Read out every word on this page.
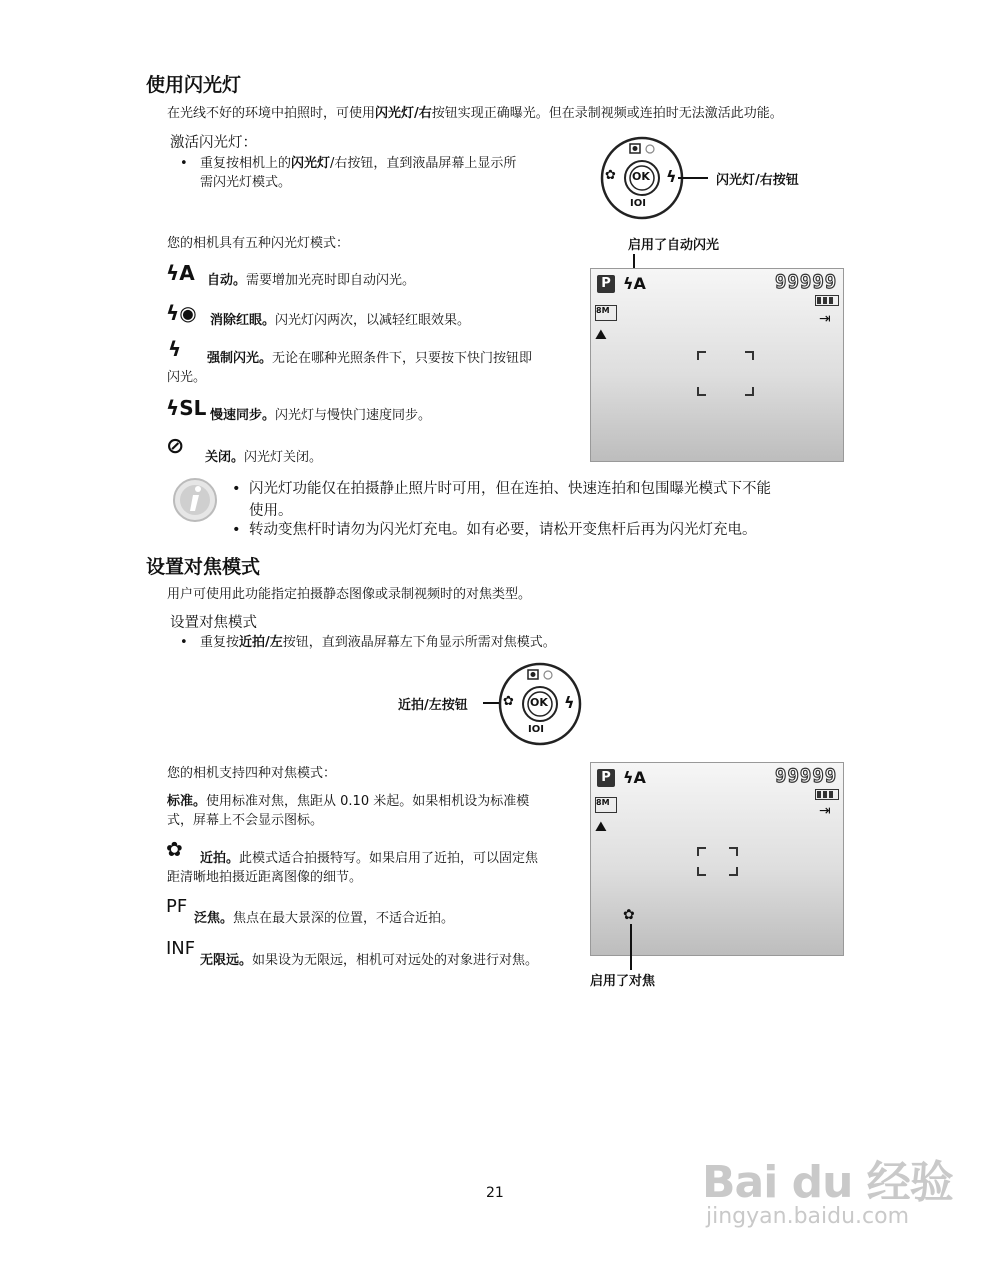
使用闪光灯
在光线不好的环境中拍照时，可使用闪光灯/右按钮实现正确曝光。但在录制视频或连拍时无法激活此功能。
激活闪光灯：
• 重复按相机上的闪光灯/右按钮，直到液晶屏幕上显示所
需闪光灯模式。	OK ϟ
✿
IOI
闪光灯/右按钮
您的相机具有五种闪光灯模式：	启用了自动闪光
ϟA 自动。需要增加光亮时即自动闪光。
ϟ◉ 消除红眼。闪光灯闪两次，以减轻红眼效果。
ϟ 强制闪光。无论在哪种光照条件下，只要按下快门按钮即
闪光。
ϟSL 慢速同步。闪光灯与慢快门速度同步。
⊘ 关闭。闪光灯关闭。
P ϟA	99999
⇥
8M
⛰
• 闪光灯功能仅在拍摄静止照片时可用，但在连拍、快速连拍和包围曝光模式下不能
使用。
• 转动变焦杆时请勿为闪光灯充电。如有必要，请松开变焦杆后再为闪光灯充电。
设置对焦模式
用户可使用此功能指定拍摄静态图像或录制视频时的对焦类型。
设置对焦模式
• 重复按近拍/左按钮，直到液晶屏幕左下角显示所需对焦模式。
近拍/左按钮	OK ϟ
✿
IOI
您的相机支持四种对焦模式：
标准。使用标准对焦，焦距从 0.10 米起。如果相机设为标准模
式，屏幕上不会显示图标。
✿ 近拍。此模式适合拍摄特写。如果启用了近拍，可以固定焦
距清晰地拍摄近距离图像的细节。
PF
泛焦。焦点在最大景深的位置，不适合近拍。
INF
无限远。如果设为无限远，相机可对远处的对象进行对焦。
P ϟA	99999
⇥
8M
⛰
✿
启用了对焦
21	Bai du 经验
jingyan.baidu.com
